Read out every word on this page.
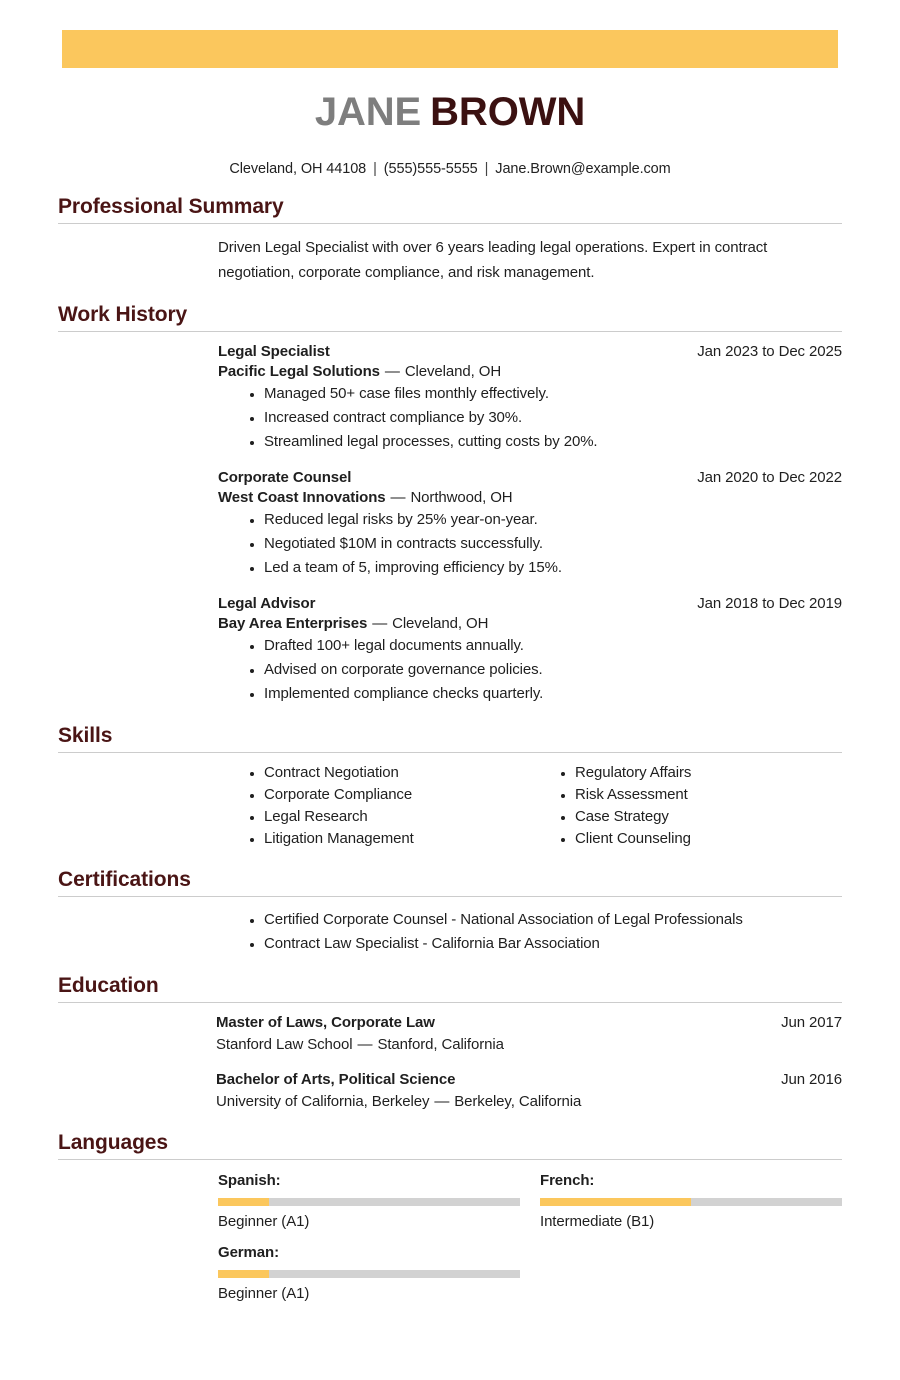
JANE BROWN
Cleveland, OH 44108 | (555)555-5555 | Jane.Brown@example.com
Professional Summary

Driven Legal Specialist with over 6 years leading legal operations. Expert in contract negotiation, corporate compliance, and risk management.

Work History
Legal Specialist	Jan 2023 to Dec 2025
Pacific Legal Solutions — Cleveland, OH
• Managed 50+ case files monthly effectively.
• Increased contract compliance by 30%.
• Streamlined legal processes, cutting costs by 20%.
Corporate Counsel	Jan 2020 to Dec 2022
West Coast Innovations — Northwood, OH
• Reduced legal risks by 25% year-on-year.
• Negotiated $10M in contracts successfully.
• Led a team of 5, improving efficiency by 15%.
Legal Advisor	Jan 2018 to Dec 2019
Bay Area Enterprises — Cleveland, OH
• Drafted 100+ legal documents annually.
• Advised on corporate governance policies.
• Implemented compliance checks quarterly.
Skills
• Contract Negotiation
• Corporate Compliance
• Legal Research
• Litigation Management
• Regulatory Affairs
• Risk Assessment
• Case Strategy
• Client Counseling
Certifications
• Certified Corporate Counsel - National Association of Legal Professionals
• Contract Law Specialist - California Bar Association
Education
Master of Laws, Corporate Law	Jun 2017
Stanford Law School — Stanford, California
Bachelor of Arts, Political Science	Jun 2016
University of California, Berkeley — Berkeley, California
Languages
Spanish:
Beginner (A1)
French:
Intermediate (B1)
German:
Beginner (A1)
